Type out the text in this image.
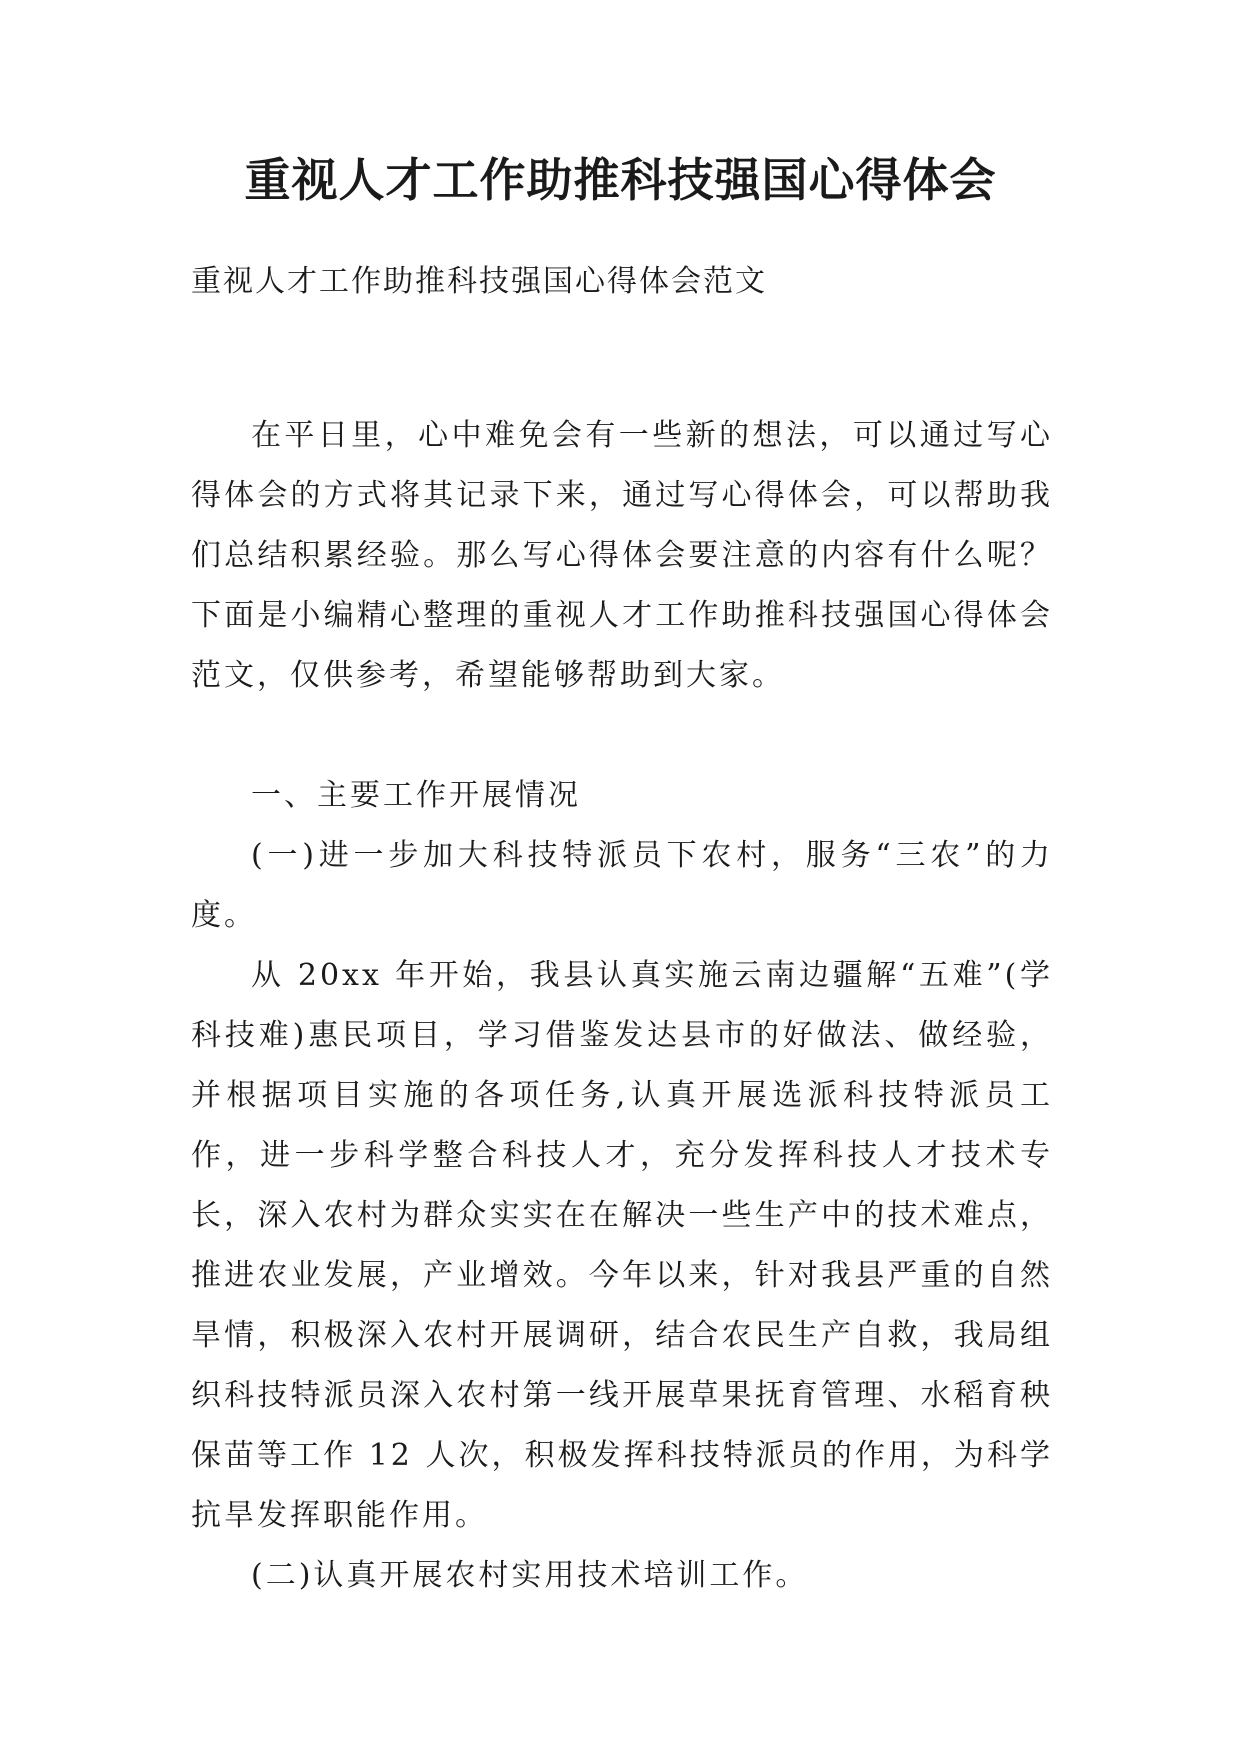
重视人才工作助推科技强国心得体会

重视人才工作助推科技强国心得体会范文

在平日里，心中难免会有一些新的想法，可以通过写心得体会的方式将其记录下来，通过写心得体会，可以帮助我们总结积累经验。那么写心得体会要注意的内容有什么呢？下面是小编精心整理的重视人才工作助推科技强国心得体会范文，仅供参考，希望能够帮助到大家。

一、主要工作开展情况

(一)进一步加大科技特派员下农村，服务“三农”的力度。

从 20xx 年开始，我县认真实施云南边疆解“五难”(学科技难)惠民项目，学习借鉴发达县市的好做法、做经验，并根据项目实施的各项任务,认真开展选派科技特派员工作，进一步科学整合科技人才，充分发挥科技人才技术专长，深入农村为群众实实在在解决一些生产中的技术难点，推进农业发展，产业增效。今年以来，针对我县严重的自然旱情，积极深入农村开展调研，结合农民生产自救，我局组织科技特派员深入农村第一线开展草果抚育管理、水稻育秧保苗等工作 12 人次，积极发挥科技特派员的作用，为科学抗旱发挥职能作用。

(二)认真开展农村实用技术培训工作。
